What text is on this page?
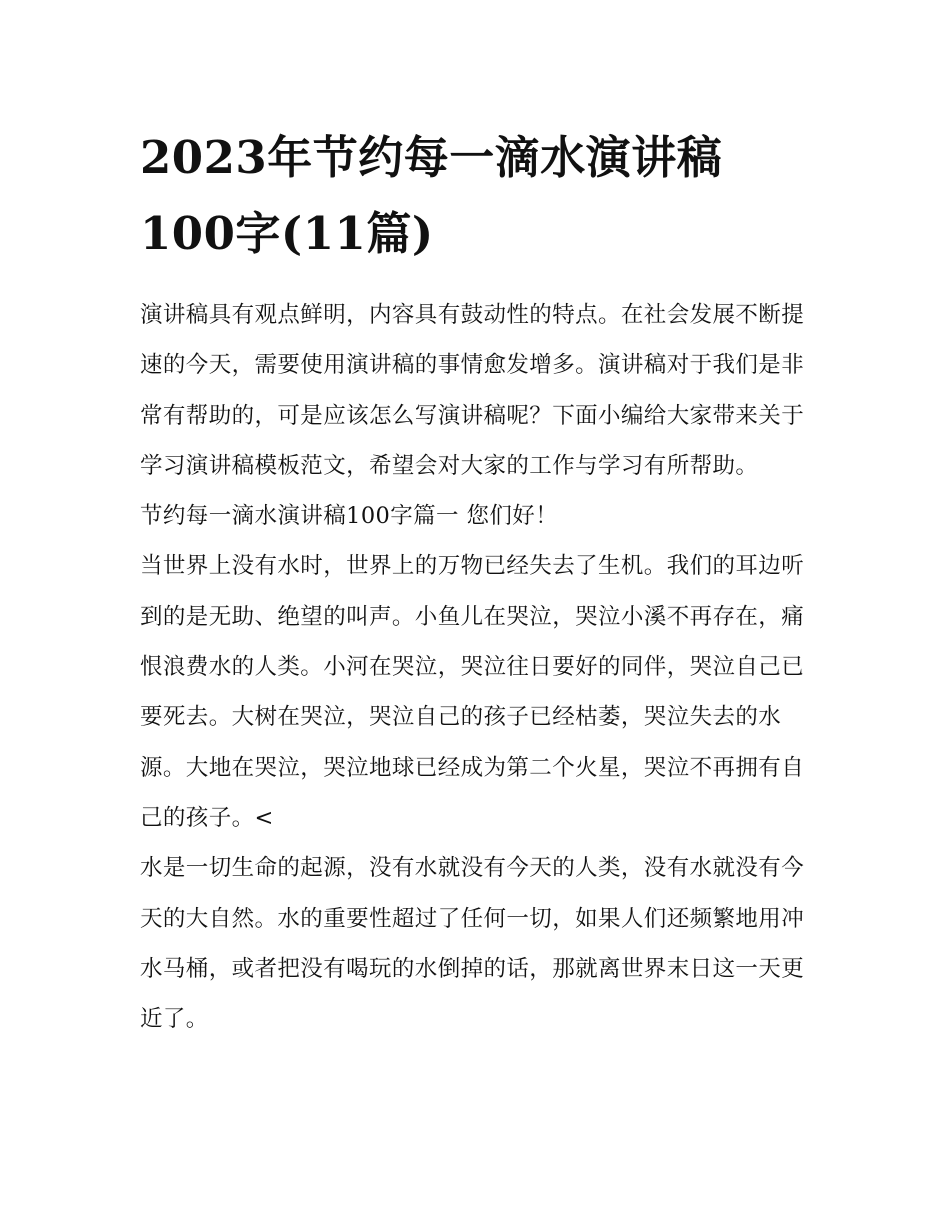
2023年节约每一滴水演讲稿
100字(11篇)

演讲稿具有观点鲜明，内容具有鼓动性的特点。在社会发展不断提速的今天，需要使用演讲稿的事情愈发增多。演讲稿对于我们是非常有帮助的，可是应该怎么写演讲稿呢？下面小编给大家带来关于学习演讲稿模板范文，希望会对大家的工作与学习有所帮助。

节约每一滴水演讲稿100字篇一 您们好！

当世界上没有水时，世界上的万物已经失去了生机。我们的耳边听到的是无助、绝望的叫声。小鱼儿在哭泣，哭泣小溪不再存在，痛恨浪费水的人类。小河在哭泣，哭泣往日要好的同伴，哭泣自己已要死去。大树在哭泣，哭泣自己的孩子已经枯萎，哭泣失去的水源。大地在哭泣，哭泣地球已经成为第二个火星，哭泣不再拥有自己的孩子。<

水是一切生命的起源，没有水就没有今天的人类，没有水就没有今天的大自然。水的重要性超过了任何一切，如果人们还频繁地用冲水马桶，或者把没有喝玩的水倒掉的话，那就离世界末日这一天更近了。
